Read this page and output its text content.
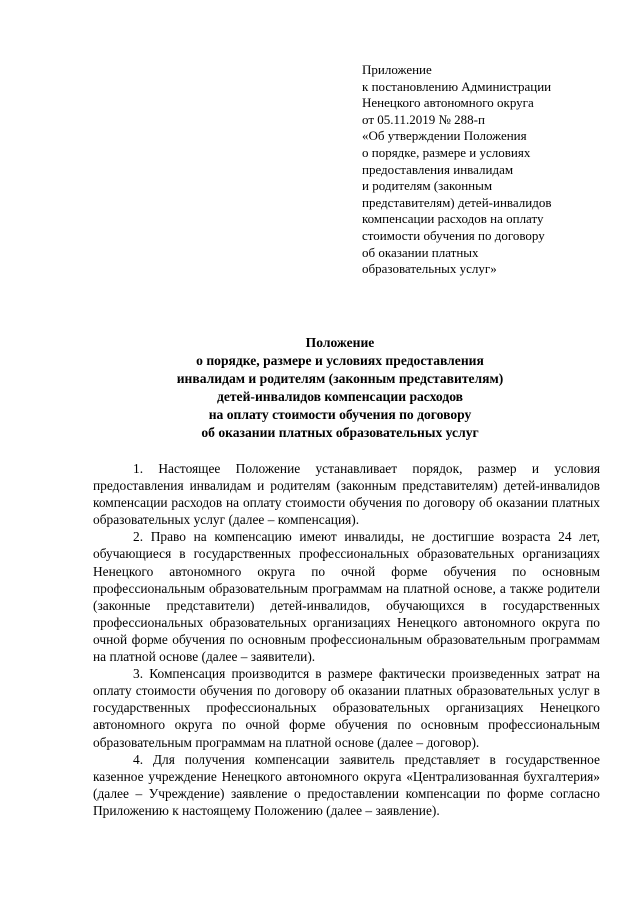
Приложение
к постановлению Администрации
Ненецкого автономного округа
от 05.11.2019 № 288-п
«Об утверждении Положения
о порядке, размере и условиях
предоставления инвалидам
и родителям (законным
представителям) детей-инвалидов
компенсации расходов на оплату
стоимости обучения по договору
об оказании платных
образовательных услуг»
Положение
о порядке, размере и условиях предоставления
инвалидам и родителям (законным представителям)
детей-инвалидов компенсации расходов
на оплату стоимости обучения по договору
об оказании платных образовательных услуг

1. Настоящее Положение устанавливает порядок, размер и условия предоставления инвалидам и родителям (законным представителям) детей-инвалидов компенсации расходов на оплату стоимости обучения по договору об оказании платных образовательных услуг (далее – компенсация).

2. Право на компенсацию имеют инвалиды, не достигшие возраста 24 лет, обучающиеся в государственных профессиональных образовательных организациях Ненецкого автономного округа по очной форме обучения по основным профессиональным образовательным программам на платной основе, а также родители (законные представители) детей-инвалидов, обучающихся в государственных профессиональных образовательных организациях Ненецкого автономного округа по очной форме обучения по основным профессиональным образовательным программам на платной основе (далее – заявители).

3. Компенсация производится в размере фактически произведенных затрат на оплату стоимости обучения по договору об оказании платных образовательных услуг в государственных профессиональных образовательных организациях Ненецкого автономного округа по очной форме обучения по основным профессиональным образовательным программам на платной основе (далее – договор).

4. Для получения компенсации заявитель представляет в государственное казенное учреждение Ненецкого автономного округа «Централизованная бухгалтерия» (далее – Учреждение) заявление о предоставлении компенсации по форме согласно Приложению к настоящему Положению (далее – заявление).
